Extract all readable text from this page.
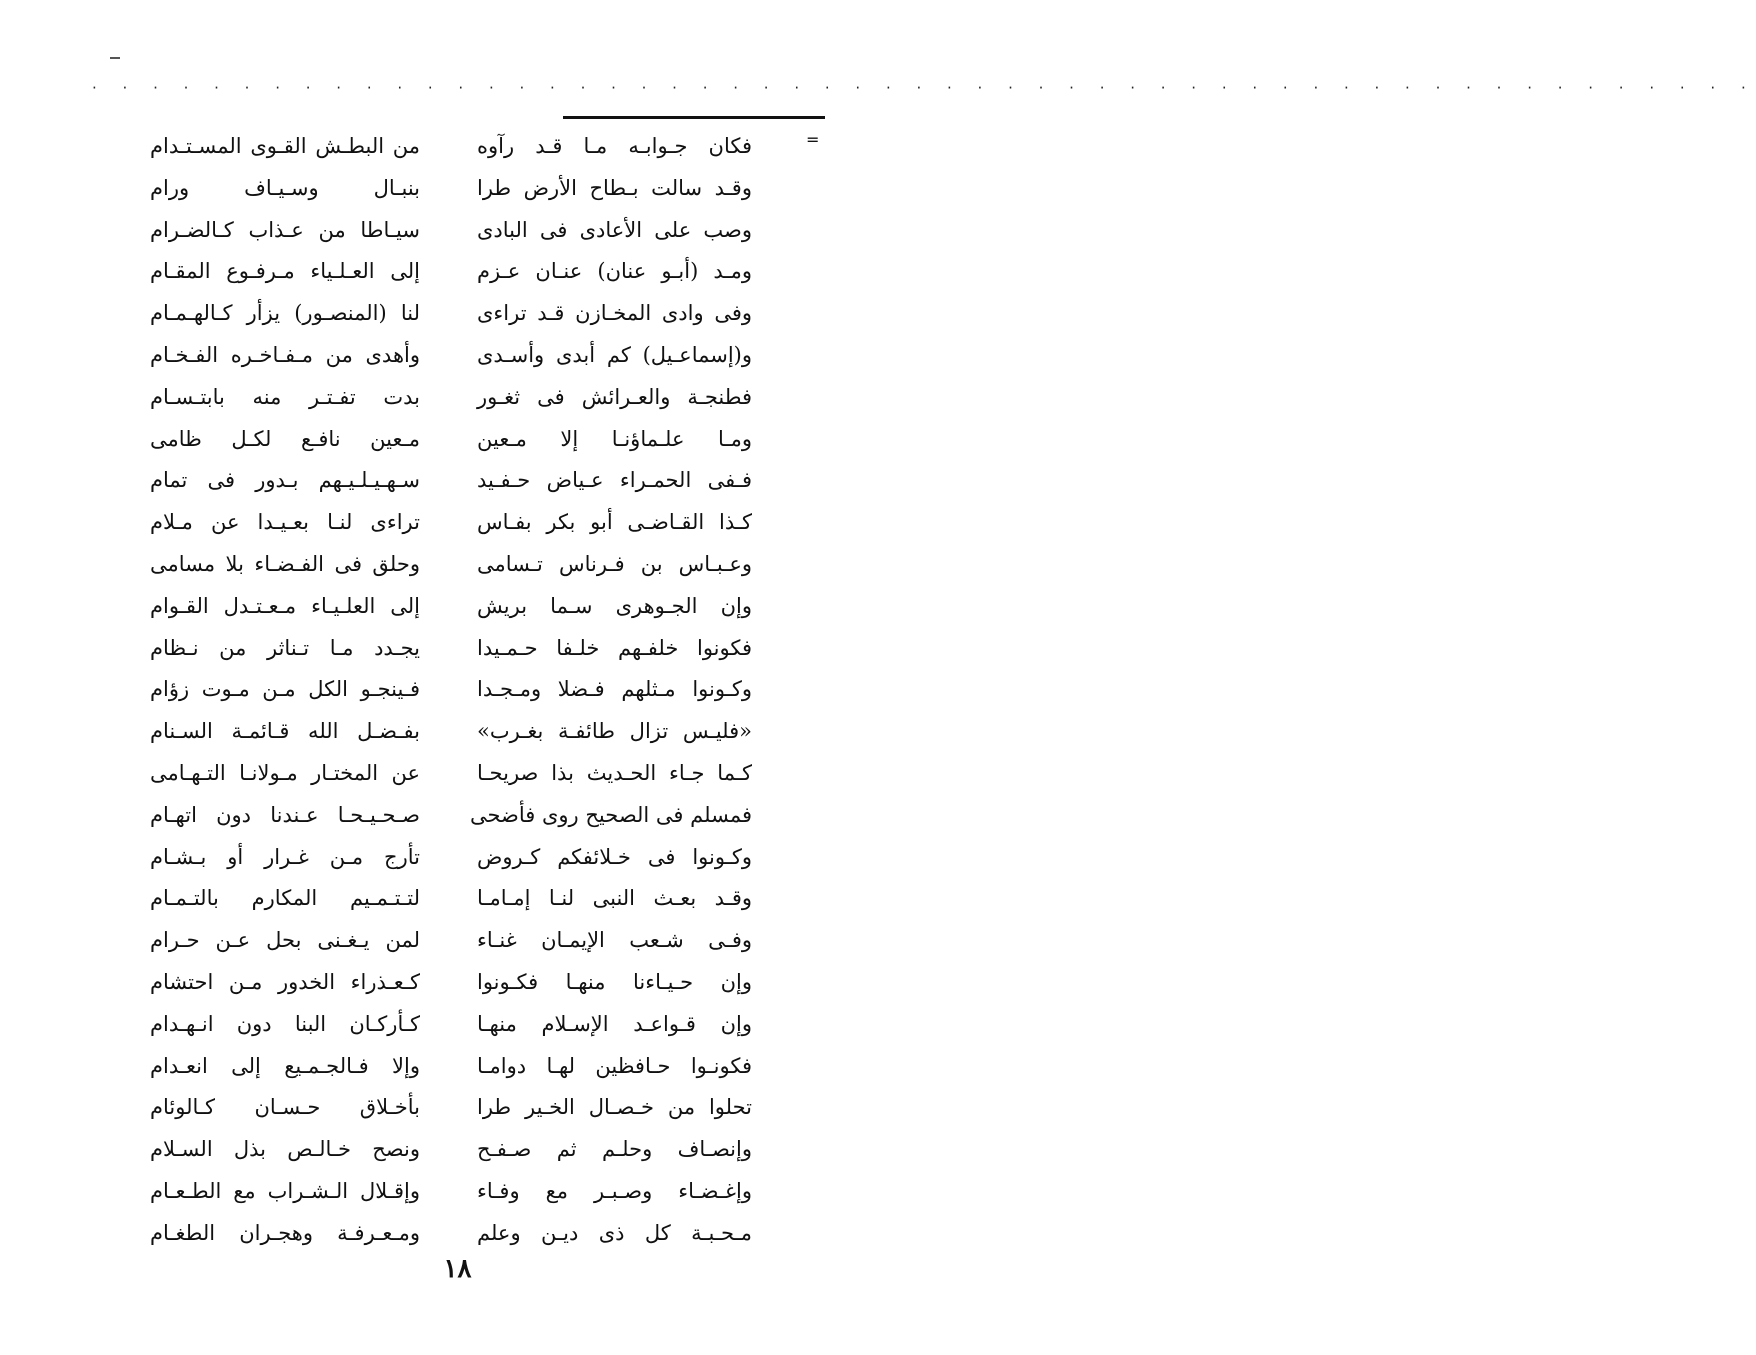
· · · · · · · · · · · · · · · · · · · · · · · · · · · · · · · · · · · · · · · · · · · · · · · · · · · · · · ·
=
فكان جـوابـه مـا قـد رآوه
وقـد سالت بـطاح الأرض طرا
وصب على الأعادى فى البادى
ومـد (أبـو عنان) عنـان عـزم
وفى وادى المخـازن قـد تراءى
و(إسماعـيل) كم أبدى وأسـدى
فطنجـة والعـرائش فى ثغـور
ومـا علـماؤنـا إلا مـعين
فـفى الحمـراء عـياض حـفـيد
كـذا القـاضـى أبو بكر بفـاس
وعـبـاس بن فـرناس تـسامى
وإن الجـوهرى سـما بريش
فكونوا خلفـهم خلـفا حـمـيدا
وكـونوا مـثلهم فـضلا ومـجـدا
«فليـس تزال طائفـة بغـرب»
كـما جـاء الحـديث بذا صريحـا
فمسلم فى الصحيح روى فأضحى
وكـونوا فى خـلائفكم كـروض
وقـد بعـث النبى لنـا إمـامـا
وفـى شـعب الإيمـان غنـاء
وإن حـيـاءنا منهـا فكـونوا
وإن قـواعـد الإسـلام منهـا
فكونـوا حـافظين لهـا دوامـا
تحلوا من خـصـال الخـير طرا
وإنصـاف وحلـم ثم صـفـح
وإغـضـاء وصـبـر مع وفـاء
مـحـبـة كل ذى ديـن وعلم
من البطـش القـوى المسـتـدام
بنبـال وسـيـاف ورام
سيـاطا من عـذاب كـالضـرام
إلى العـلـياء مـرفـوع المقـام
لنا (المنصـور) يزأر كـالهـمـام
وأهدى من مـفـاخـره الفـخـام
بدت تفـتـر منه بابتـسـام
مـعين نافـع لكـل ظامى
سـهـيـلـيـهم بـدور فى تمام
تراءى لنـا بعـيـدا عن مـلام
وحلق فى الفـضـاء بلا مسامى
إلى العلـيـاء مـعـتـدل القـوام
يجـدد مـا تـناثر من نـظام
فـينجـو الكل مـن مـوت زؤام
بفـضـل الله قـائمـة السـنام
عن المختـار مـولانـا التـهـامى
صـحـيـحـا عـندنا دون اتهـام
تأرج مـن غـرار أو بـشـام
لتـتـمـيم المكارم بالتـمـام
لمن يـغـنى بحل عـن حـرام
كـعـذراء الخدور مـن احتشام
كـأركـان البنا دون انـهـدام
وإلا فـالجـمـيع إلى انعـدام
بأخـلاق حـسـان كـالوئام
ونصح خـالـص بذل السـلام
وإقـلال الـشـراب مع الطـعـام
ومـعـرفـة وهجـران الطغـام
١٨
